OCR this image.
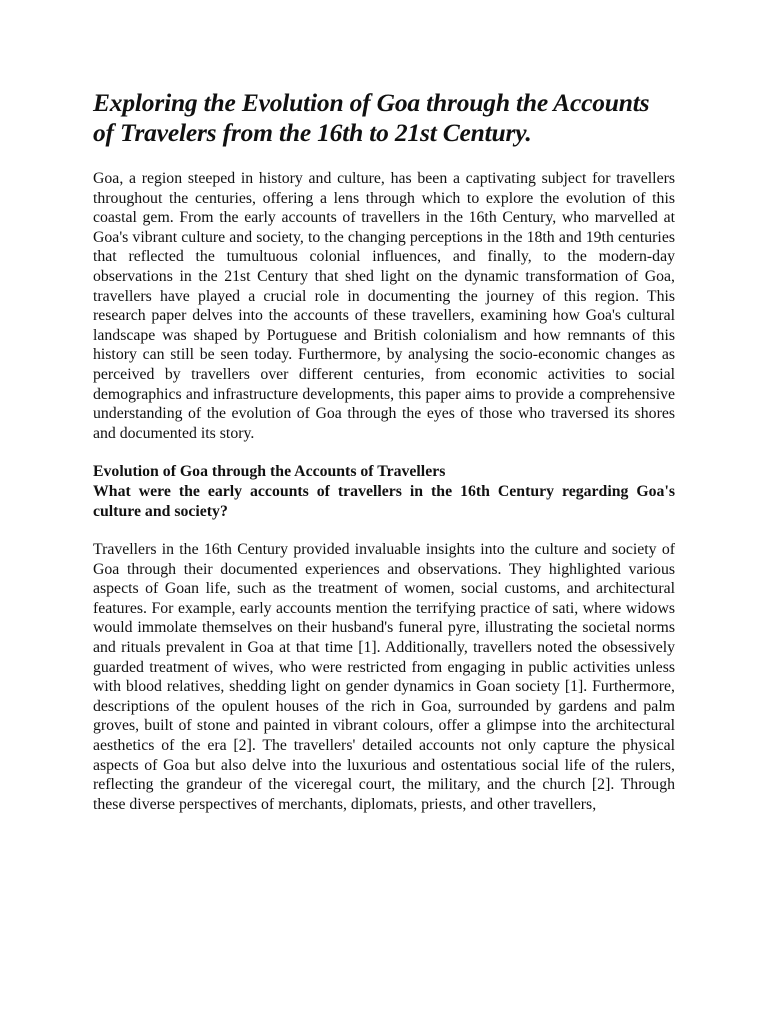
Exploring the Evolution of Goa through the Accounts of Travelers from the 16th to 21st Century.

Goa, a region steeped in history and culture, has been a captivating subject for travellers throughout the centuries, offering a lens through which to explore the evolution of this coastal gem. From the early accounts of travellers in the 16th Century, who marvelled at Goa's vibrant culture and society, to the changing perceptions in the 18th and 19th centuries that reflected the tumultuous colonial influences, and finally, to the modern-day observations in the 21st Century that shed light on the dynamic transformation of Goa, travellers have played a crucial role in documenting the journey of this region. This research paper delves into the accounts of these travellers, examining how Goa's cultural landscape was shaped by Portuguese and British colonialism and how remnants of this history can still be seen today. Furthermore, by analysing the socio-economic changes as perceived by travellers over different centuries, from economic activities to social demographics and infrastructure developments, this paper aims to provide a comprehensive understanding of the evolution of Goa through the eyes of those who traversed its shores and documented its story.

Evolution of Goa through the Accounts of Travellers
What were the early accounts of travellers in the 16th Century regarding Goa's culture and society?

Travellers in the 16th Century provided invaluable insights into the culture and society of Goa through their documented experiences and observations. They highlighted various aspects of Goan life, such as the treatment of women, social customs, and architectural features. For example, early accounts mention the terrifying practice of sati, where widows would immolate themselves on their husband's funeral pyre, illustrating the societal norms and rituals prevalent in Goa at that time [1]. Additionally, travellers noted the obsessively guarded treatment of wives, who were restricted from engaging in public activities unless with blood relatives, shedding light on gender dynamics in Goan society [1]. Furthermore, descriptions of the opulent houses of the rich in Goa, surrounded by gardens and palm groves, built of stone and painted in vibrant colours, offer a glimpse into the architectural aesthetics of the era [2]. The travellers' detailed accounts not only capture the physical aspects of Goa but also delve into the luxurious and ostentatious social life of the rulers, reflecting the grandeur of the viceregal court, the military, and the church [2]. Through these diverse perspectives of merchants, diplomats, priests, and other travellers,
